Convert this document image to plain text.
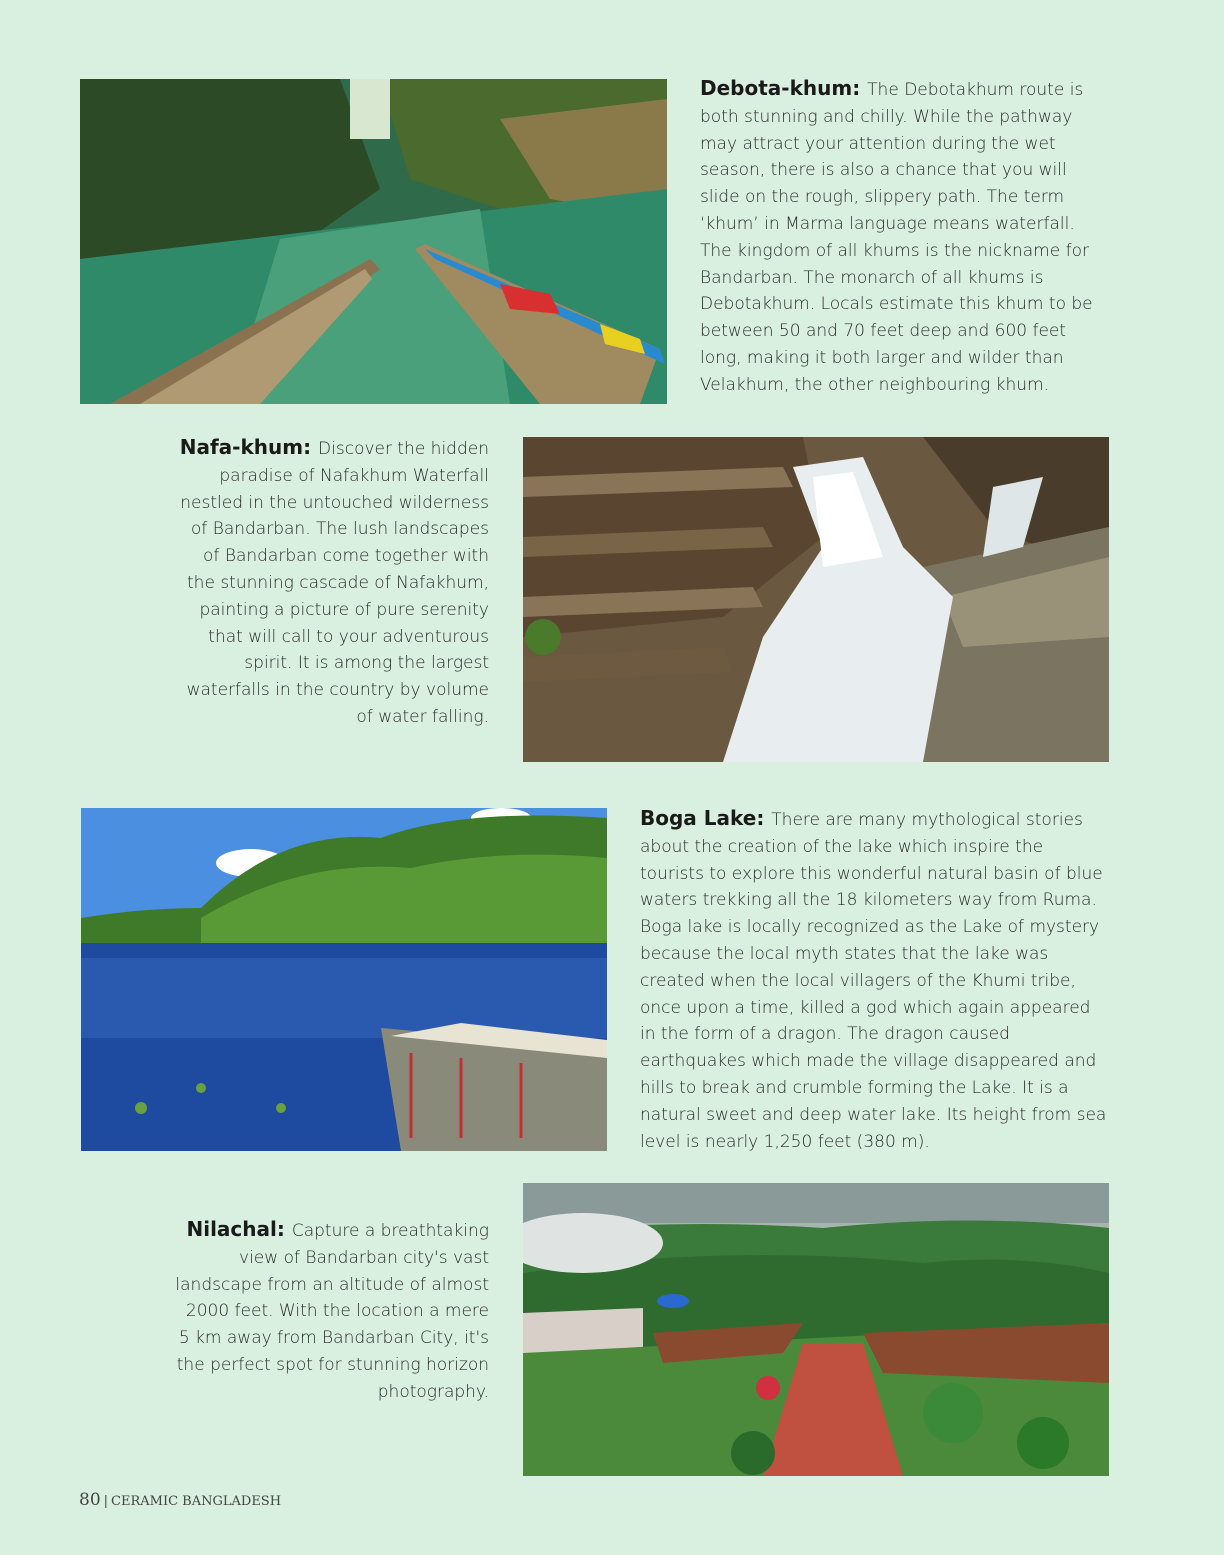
Debota-khum: The Debotakhum route is both stunning and chilly. While the pathway may attract your attention during the wet season, there is also a chance that you will slide on the rough, slippery path. The term ‘khum’ in Marma language means waterfall. The kingdom of all khums is the nickname for Bandarban. The monarch of all khums is Debotakhum. Locals estimate this khum to be between 50 and 70 feet deep and 600 feet long, making it both larger and wilder than Velakhum, the other neighbouring khum.
Nafa-khum: Discover the hidden paradise of Nafakhum Waterfall nestled in the untouched wilderness of Bandarban. The lush landscapes of Bandarban come together with the stunning cascade of Nafakhum, painting a picture of pure serenity that will call to your adventurous spirit. It is among the largest waterfalls in the country by volume of water falling.
Boga Lake: There are many mythological stories about the creation of the lake which inspire the tourists to explore this wonderful natural basin of blue waters trekking all the 18 kilometers way from Ruma. Boga lake is locally recognized as the Lake of mystery because the local myth states that the lake was created when the local villagers of the Khumi tribe, once upon a time, killed a god which again appeared in the form of a dragon. The dragon caused earthquakes which made the village disappeared and hills to break and crumble forming the Lake. It is a natural sweet and deep water lake. Its height from sea level is nearly 1,250 feet (380 m).
Nilachal: Capture a breathtaking view of Bandarban city's vast landscape from an altitude of almost 2000 feet. With the location a mere 5 km away from Bandarban City, it's the perfect spot for stunning horizon photography.
80 | CERAMIC BANGLADESH
